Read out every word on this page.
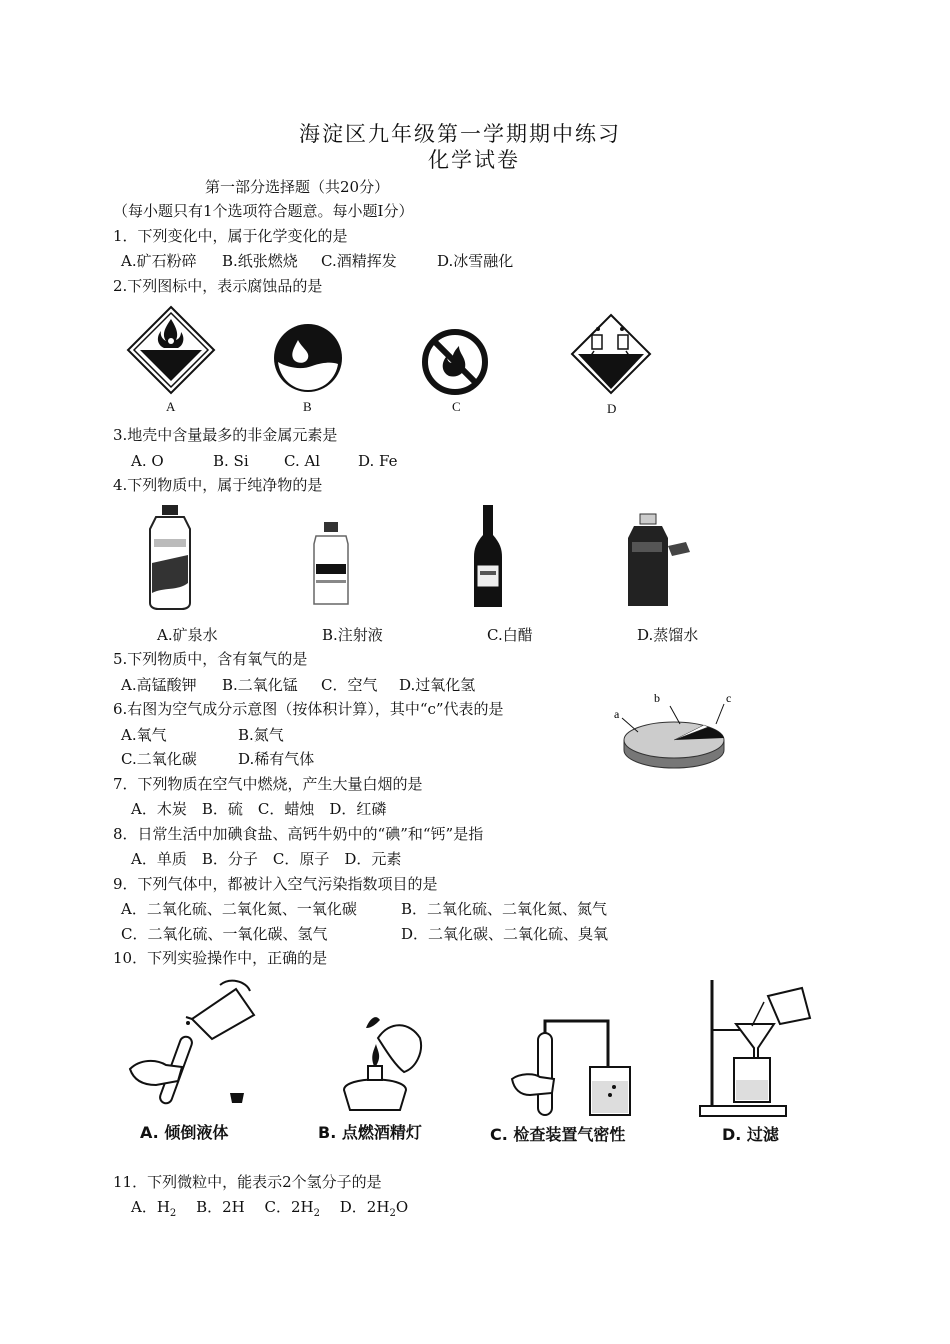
海淀区九年级第一学期期中练习
化学试卷
第一部分选择题（共20分）
（每小题只有1个选项符合题意。每小题I分）
1．下列变化中，属于化学变化的是
A.矿石粉碎 B.纸张燃烧 C.酒精挥发	D.冰雪融化
2.下列图标中，表示腐蚀品的是
A	B	C	D
3.地壳中含量最多的非金属元素是
A. O	B. Si C. Al	D. Fe
4.下列物质中，属于纯净物的是
A.矿泉水	B.注射液	C.白醋	D.蒸馏水
5.下列物质中，含有氧气的是
A.高锰酸钾 B.二氧化锰 C．空气 D.过氧化氢
6.右图为空气成分示意图（按体积计算），其中“c”代表的是
A.氧气	B.氮气
C.二氧化碳	D.稀有气体
a
b	c
7．下列物质在空气中燃烧，产生大量白烟的是
A．木炭　B．硫　C．蜡烛　D．红磷
8．日常生活中加碘食盐、高钙牛奶中的“碘”和“钙”是指
A．单质　B．分子　C．原子　D．元素
9．下列气体中，都被计入空气污染指数项目的是
A．二氧化硫、二氧化氮、一氧化碳	B．二氧化硫、二氧化氮、氮气
C．二氧化硫、一氧化碳、氢气	D．二氧化碳、二氧化硫、臭氧
10．下列实验操作中，正确的是
A. 倾倒液体	B. 点燃酒精灯	C. 检查装置气密性	D. 过滤
11．下列微粒中，能表示2个氢分子的是
A．$H_2$　 B．2H　 C．$2H_2$　 D．$2H_2O$
